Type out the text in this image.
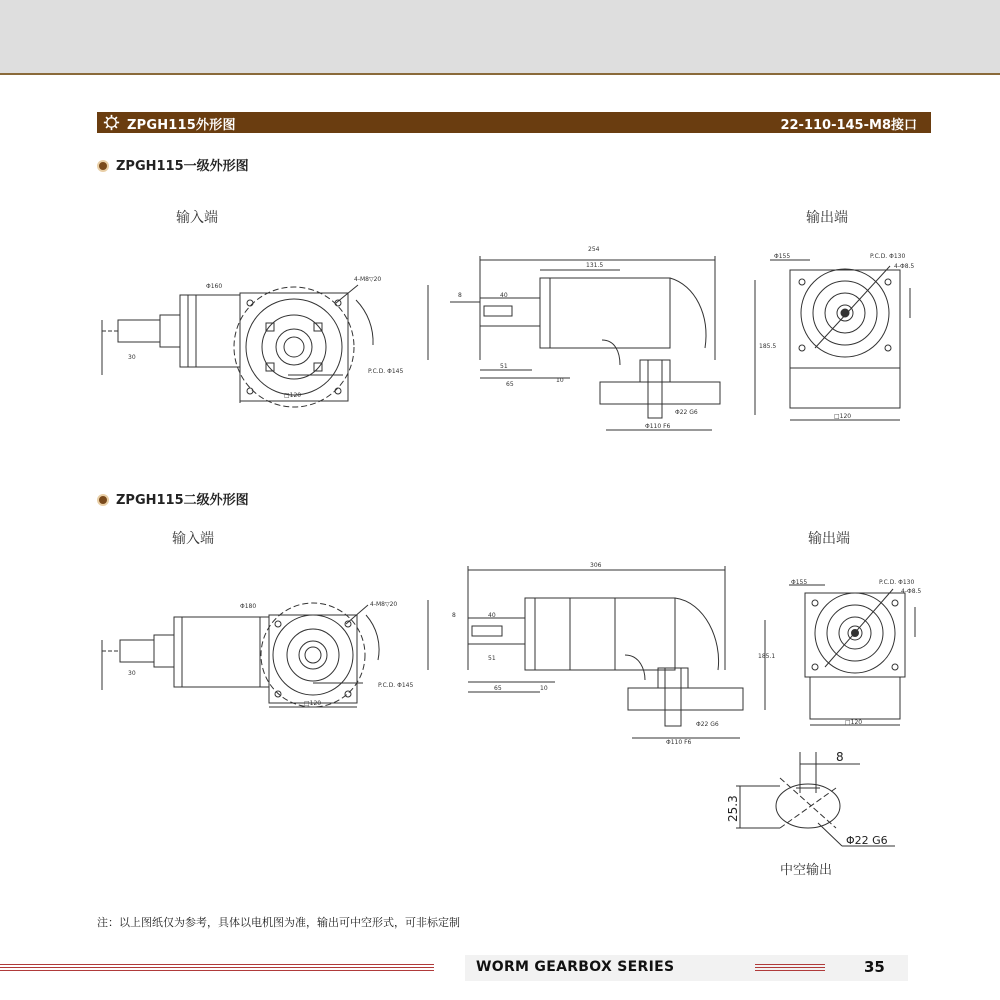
ZPGH115外形图	22-110-145-M8接口
ZPGH115一级外形图
输入端	输出端
Φ160
4-M8▽20
P.C.D. Φ145
□120
30
254
131.5
8	40
51
65
10
Φ22 G6
Φ110 F6
185.5
Φ155	P.C.D. Φ130
4-Φ8.5
□120
ZPGH115二级外形图
输入端	输出端
Φ180	4-M8▽20
P.C.D. Φ145
□120
30
306
8	40
51
65	10
Φ22 G6
Φ110 F6
185.1
Φ155	P.C.D. Φ130
4-Φ8.5
□120
8
25.3
Φ22 G6
中空输出
注：以上图纸仅为参考，具体以电机图为准，输出可中空形式，可非标定制
WORM GEARBOX SERIES	35
